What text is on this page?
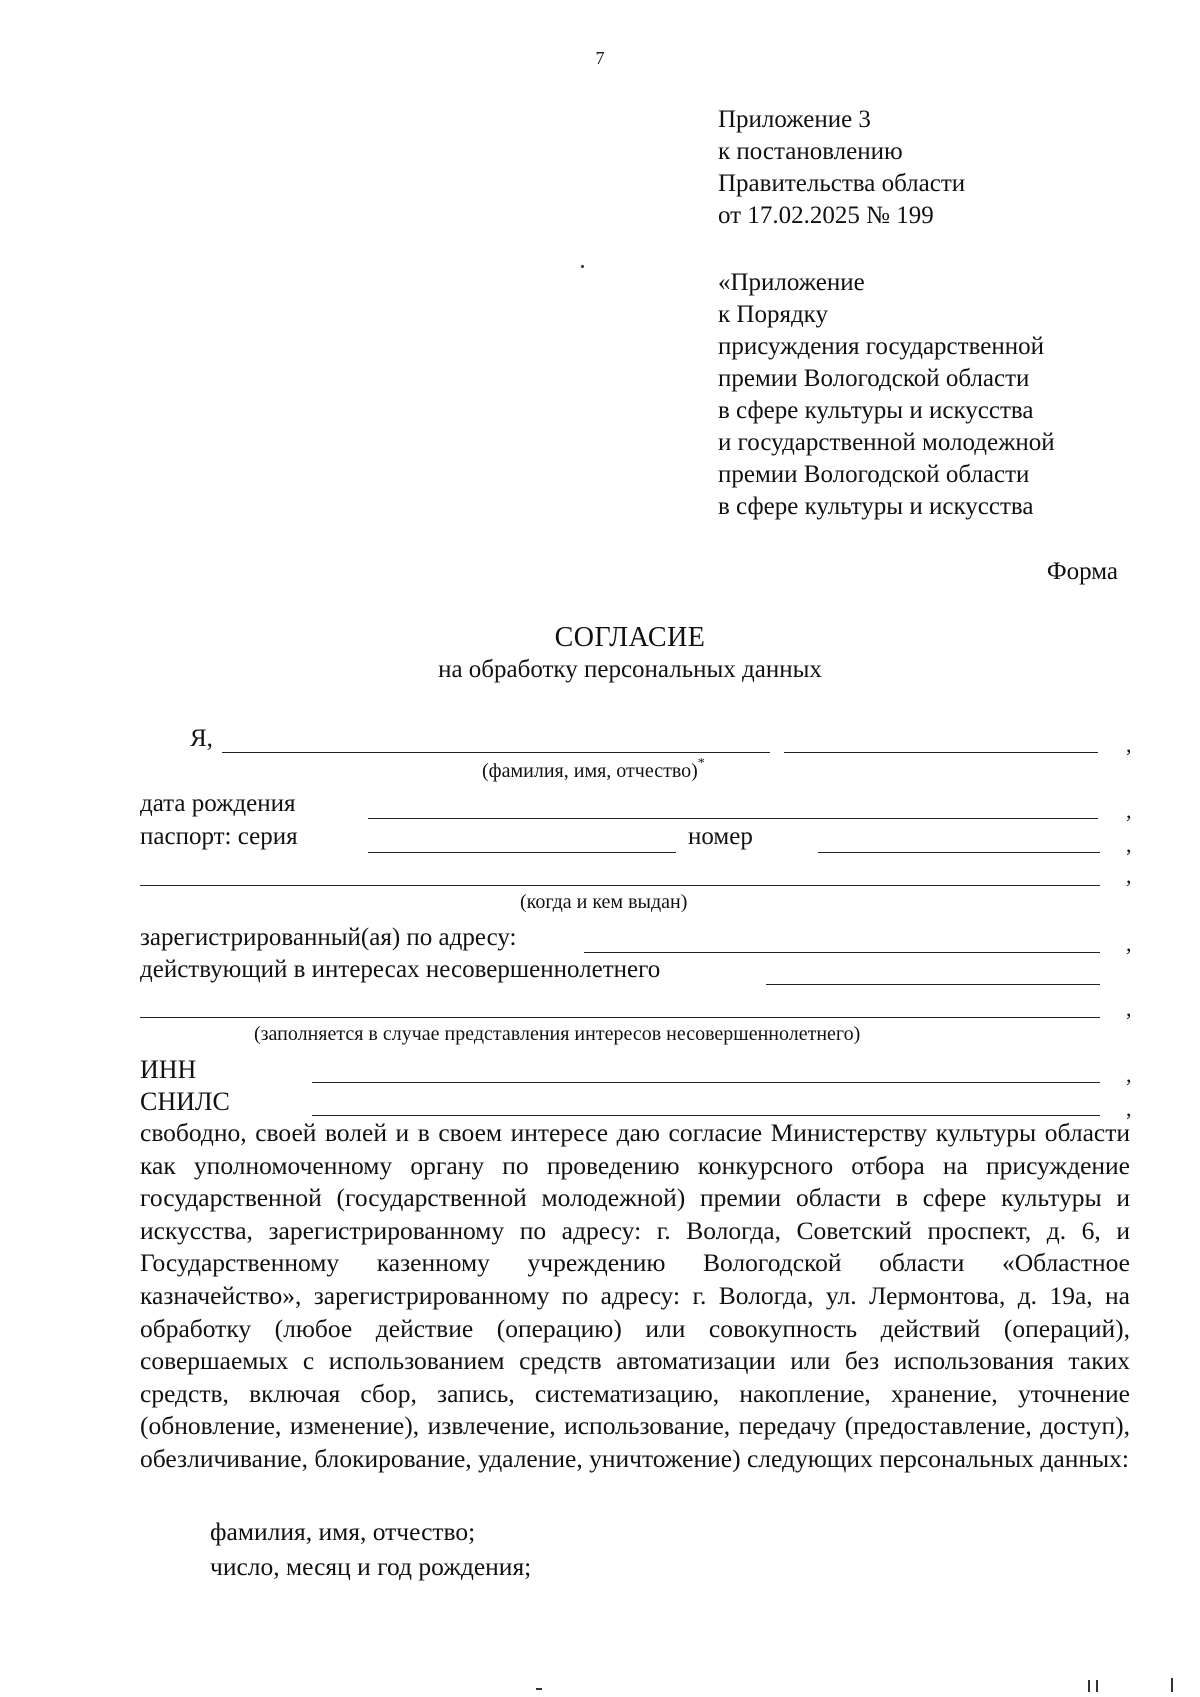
7
Приложение 3
к постановлению
Правительства области
от 17.02.2025 № 199
«Приложение
к Порядку
присуждения государственной
премии Вологодской области
в сфере культуры и искусства
и государственной молодежной
премии Вологодской области
в сфере культуры и искусства
Форма
СОГЛАСИЕ
на обработку персональных данных
Я,	,
(фамилия, имя, отчество)*
дата рождения	,
паспорт: серия	номер	,
,
(когда и кем выдан)
зарегистрированный(ая) по адресу:	,
действующий в интересах несовершеннолетнего
,
(заполняется в случае представления интересов несовершеннолетнего)
ИНН	,
СНИЛС	,

свободно, своей волей и в своем интересе даю согласие Министерству культуры области как уполномоченному органу по проведению конкурсного отбора на присуждение государственной (государственной молодежной) премии области в сфере культуры и искусства, зарегистрированному по адресу: г. Вологда, Советский проспект, д. 6, и Государственному казенному учреждению Вологодской области «Областное казначейство», зарегистрированному по адресу: г. Вологда, ул. Лермонтова, д. 19а, на обработку (любое действие (операцию) или совокупность действий (операций), совершаемых с использованием средств автоматизации или без использования таких средств, включая сбор, запись, систематизацию, накопление, хранение, уточнение (обновление, изменение), извлечение, использование, передачу (предоставление, доступ), обезличивание, блокирование, удаление, уничтожение) следующих персональных данных:

фамилия, имя, отчество;
число, месяц и год рождения;
